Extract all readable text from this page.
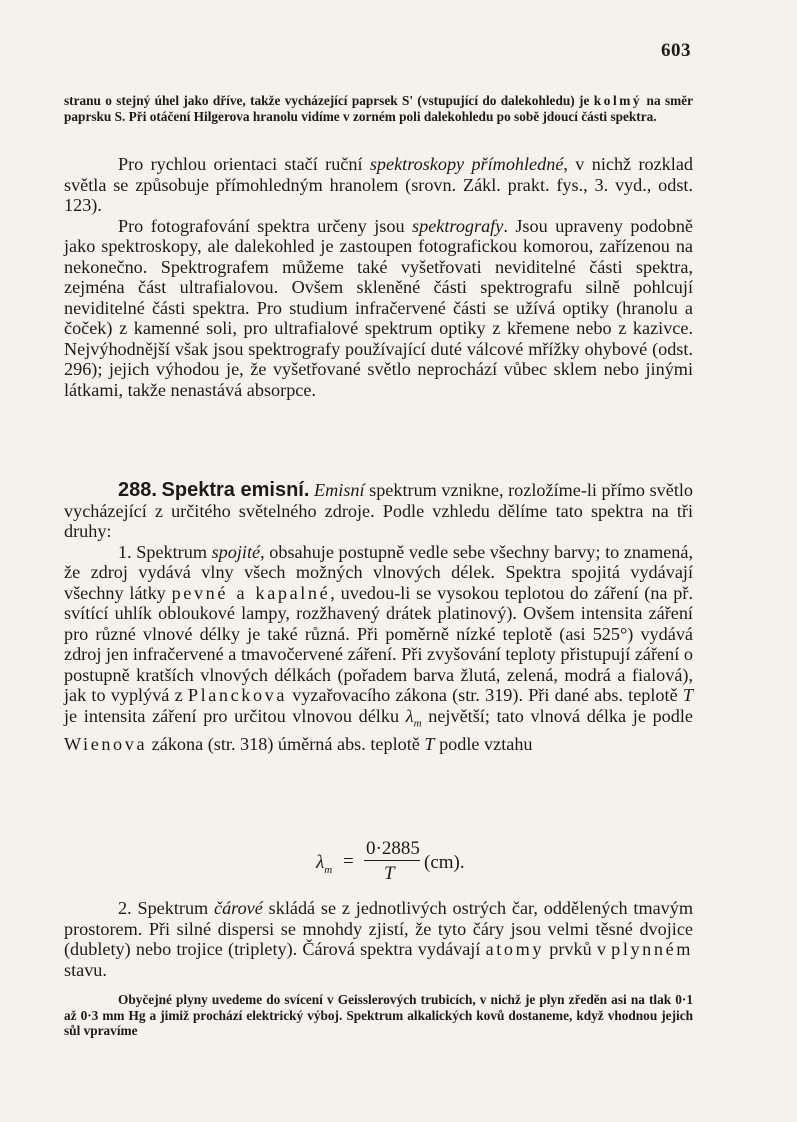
603
stranu o stejný úhel jako dříve, takže vycházející paprsek S' (vstupující do dalekohledu) je kolmý na směr paprsku S. Při otáčení Hilgerova hranolu vidíme v zorném poli dalekohledu po sobě jdoucí části spektra.

Pro rychlou orientaci stačí ruční spektroskopy přímohledné, v nichž rozklad světla se způsobuje přímohledným hranolem (srovn. Zákl. prakt. fys., 3. vyd., odst. 123).

Pro fotografování spektra určeny jsou spektrografy. Jsou upraveny podobně jako spektroskopy, ale dalekohled je zastoupen fotografickou komorou, zařízenou na nekonečno. Spektrografem můžeme také vyšetřovati neviditelné části spektra, zejména část ultrafialovou. Ovšem skleněné části spektrografu silně pohlcují neviditelné části spektra. Pro studium infračervené části se užívá optiky (hranolu a čoček) z kamenné soli, pro ultrafialové spektrum optiky z křemene nebo z kazivce. Nejvýhodnější však jsou spektrografy používající duté válcové mřížky ohybové (odst. 296); jejich výhodou je, že vyšetřované světlo neprochází vůbec sklem nebo jinými látkami, takže nenastává absorpce.

288. Spektra emisní. Emisní spektrum vznikne, rozložíme-li přímo světlo vycházející z určitého světelného zdroje. Podle vzhledu dělíme tato spektra na tři druhy:

1. Spektrum spojité, obsahuje postupně vedle sebe všechny barvy; to znamená, že zdroj vydává vlny všech možných vlnových délek. Spektra spojitá vydávají všechny látky pevné a kapalné, uvedou-li se vysokou teplotou do záření (na př. svítící uhlík obloukové lampy, rozžhavený drátek platinový). Ovšem intensita záření pro různé vlnové délky je také různá. Při poměrně nízké teplotě (asi 525°) vydává zdroj jen infračervené a tmavočervené záření. Při zvyšování teploty přistupují záření o postupně kratších vlnových délkách (pořadem barva žlutá, zelená, modrá a fialová), jak to vyplývá z Planckova vyzařovacího zákona (str. 319). Při dané abs. teplotě T je intensita záření pro určitou vlnovou délku $\lambda_m$ největší; tato vlnová délka je podle Wienova zákona (str. 318) úměrná abs. teplotě T podle vztahu

$\lambda_m$ =
0·2885
T
(cm).

2. Spektrum čárové skládá se z jednotlivých ostrých čar, oddělených tmavým prostorem. Při silné dispersi se mnohdy zjistí, že tyto čáry jsou velmi těsné dvojice (dublety) nebo trojice (triplety). Čárová spektra vydávají atomy prvků v plynném stavu.

Obyčejné plyny uvedeme do svícení v Geisslerových trubicích, v nichž je plyn zředěn asi na tlak 0·1 až 0·3 mm Hg a jimiž prochází elektrický výboj. Spektrum alkalických kovů dostaneme, když vhodnou jejich sůl vpravíme
